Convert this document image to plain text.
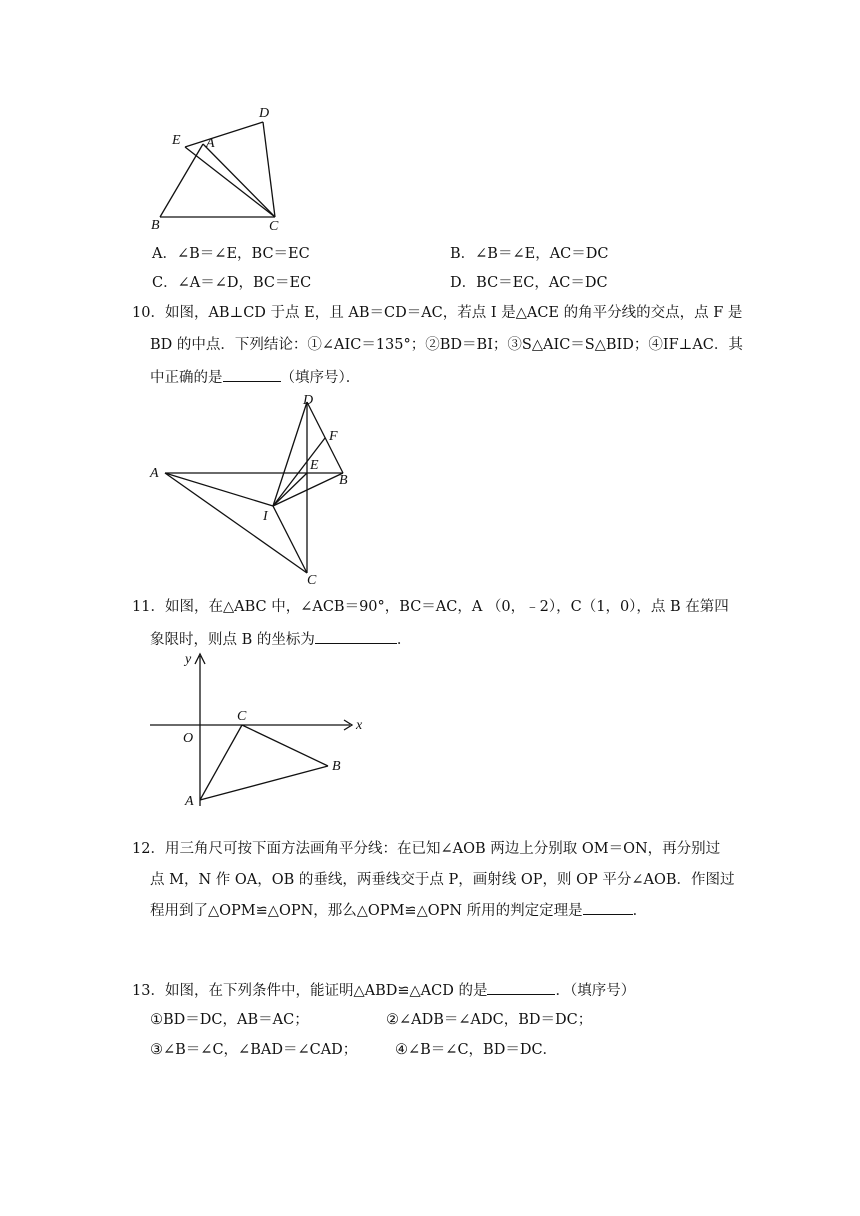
D
E A
B	C
A．∠B＝∠E，BC＝EC	B．∠B＝∠E，AC＝DC
C．∠A＝∠D，BC＝EC	D．BC＝EC，AC＝DC
10．如图，AB⊥CD 于点 E，且 AB＝CD＝AC，若点 I 是△ACE 的角平分线的交点，点 F 是
BD 的中点．下列结论：①∠AIC＝135°；②BD＝BI；③S△AIC＝S△BID；④IF⊥AC．其
中正确的是	（填序号）．
D
F
E
A	B
I
C
11．如图，在△ABC 中，∠ACB＝90°，BC＝AC，A （0，﹣2），C（1，0），点 B 在第四
象限时，则点 B 的坐标为	．
y
x
O
C
B
A
12．用三角尺可按下面方法画角平分线：在已知∠AOB 两边上分别取 OM＝ON，再分别过
点 M，N 作 OA，OB 的垂线，两垂线交于点 P，画射线 OP，则 OP 平分∠AOB．作图过
程用到了△OPM≌△OPN，那么△OPM≌△OPN 所用的判定定理是	．
13．如图，在下列条件中，能证明△ABD≌△ACD 的是	．（填序号）
①BD＝DC，AB＝AC；	②∠ADB＝∠ADC，BD＝DC；
③∠B＝∠C，∠BAD＝∠CAD；	④∠B＝∠C，BD＝DC．
